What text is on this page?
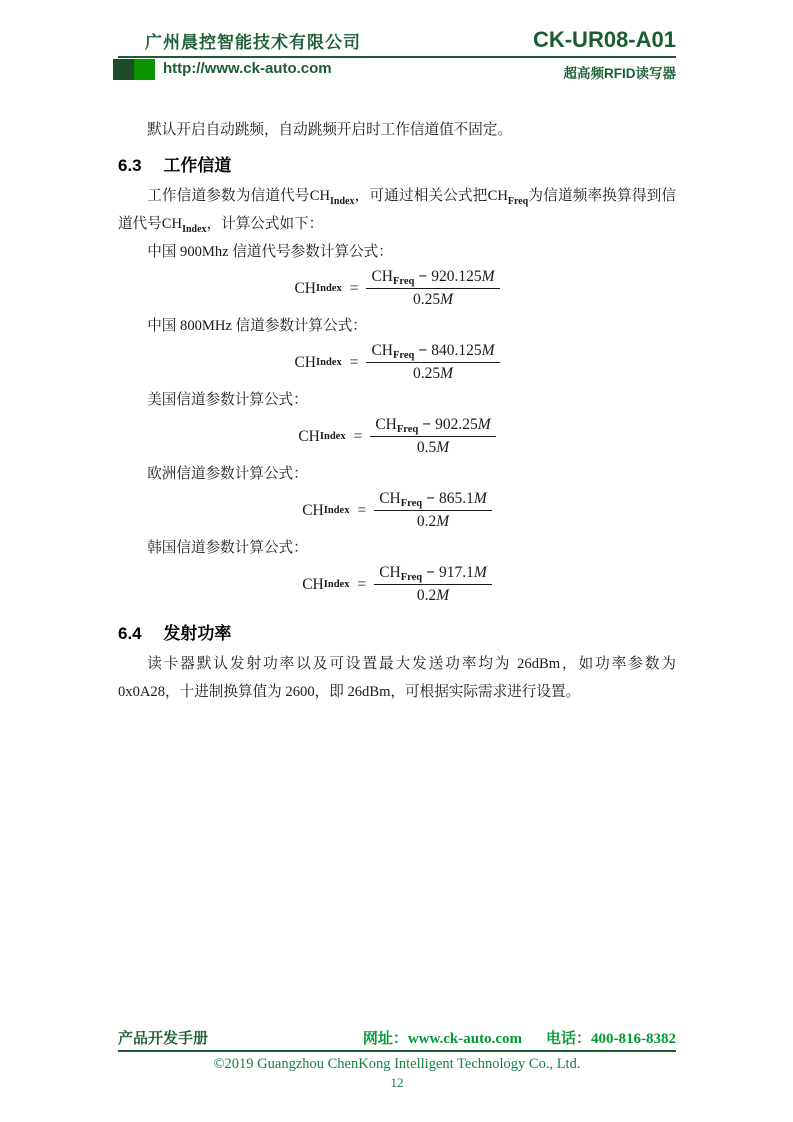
广州晨控智能技术有限公司	CK-UR08-A01
http://www.ck-auto.com	超高频RFID读写器

默认开启自动跳频，自动跳频开启时工作信道值不固定。

6.3 工作信道

工作信道参数为信道代号$CH_{Index}$，可通过相关公式把$CH_{Freq}$为信道频率换算得到信道代号$CH_{Index}$，计算公式如下：

中国 900Mhz 信道代号参数计算公式：

CH Index = $\frac{CH_{Freq} - 920.125M}{0.25M}$

中国 800MHz 信道参数计算公式：

CH Index = $\frac{CH_{Freq} - 840.125M}{0.25M}$

美国信道参数计算公式：

CH Index = $\frac{CH_{Freq} - 902.25M}{0.5M}$

欧洲信道参数计算公式：

CH Index = $\frac{CH_{Freq} - 865.1M}{0.2M}$

韩国信道参数计算公式：

CH Index = $\frac{CH_{Freq} - 917.1M}{0.2M}$
6.4 发射功率

读卡器默认发射功率以及可设置最大发送功率均为 26dBm，如功率参数为 0x0A28，十进制换算值为 2600，即 26dBm，可根据实际需求进行设置。

产品开发手册	网址：www.ck-auto.com 电话：400-816-8382
©2019 Guangzhou ChenKong Intelligent Technology Co., Ltd.
12
